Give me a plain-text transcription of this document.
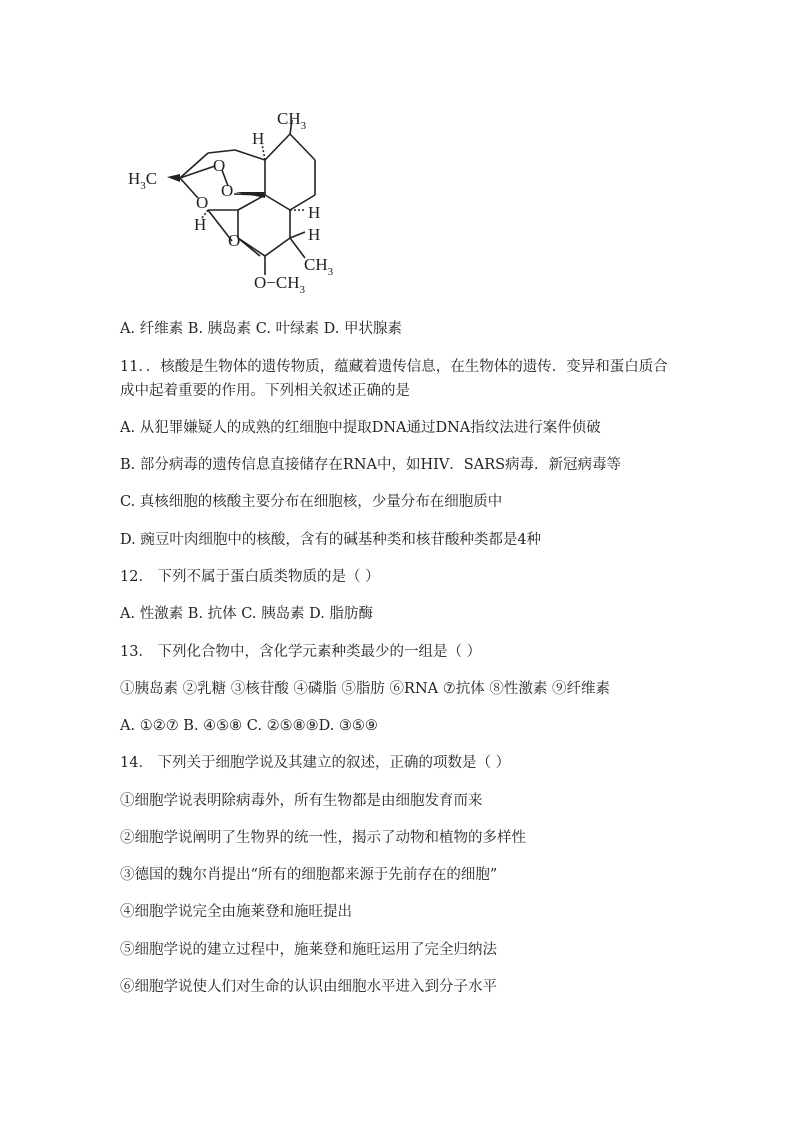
$CH_3$
H
$H_3C$
O
O
O
H
O
H
H
$CH_3$
$O-CH_3$
A. 纤维素 B. 胰岛素 C. 叶绿素 D. 甲状腺素
11．．核酸是生物体的遗传物质，蕴藏着遗传信息，在生物体的遗传．变异和蛋白质合
成中起着重要的作用。下列相关叙述正确的是
A. 从犯罪嫌疑人的成熟的红细胞中提取DNA通过DNA指纹法进行案件侦破
B. 部分病毒的遗传信息直接储存在RNA中，如HIV．SARS病毒．新冠病毒等
C. 真核细胞的核酸主要分布在细胞核，少量分布在细胞质中
D. 豌豆叶肉细胞中的核酸，含有的碱基种类和核苷酸种类都是4种
12． 下列不属于蛋白质类物质的是（ ）
A. 性激素 B. 抗体 C. 胰岛素 D. 脂肪酶
13． 下列化合物中，含化学元素种类最少的一组是（ ）
①胰岛素 ②乳糖 ③核苷酸 ④磷脂 ⑤脂肪 ⑥RNA ⑦抗体 ⑧性激素 ⑨纤维素
A. ①②⑦ B. ④⑤⑧ C. ②⑤⑧⑨D. ③⑤⑨
14． 下列关于细胞学说及其建立的叙述，正确的项数是（ ）
①细胞学说表明除病毒外，所有生物都是由细胞发育而来
②细胞学说阐明了生物界的统一性，揭示了动物和植物的多样性
③德国的魏尔肖提出“所有的细胞都来源于先前存在的细胞”
④细胞学说完全由施莱登和施旺提出
⑤细胞学说的建立过程中，施莱登和施旺运用了完全归纳法
⑥细胞学说使人们对生命的认识由细胞水平进入到分子水平
